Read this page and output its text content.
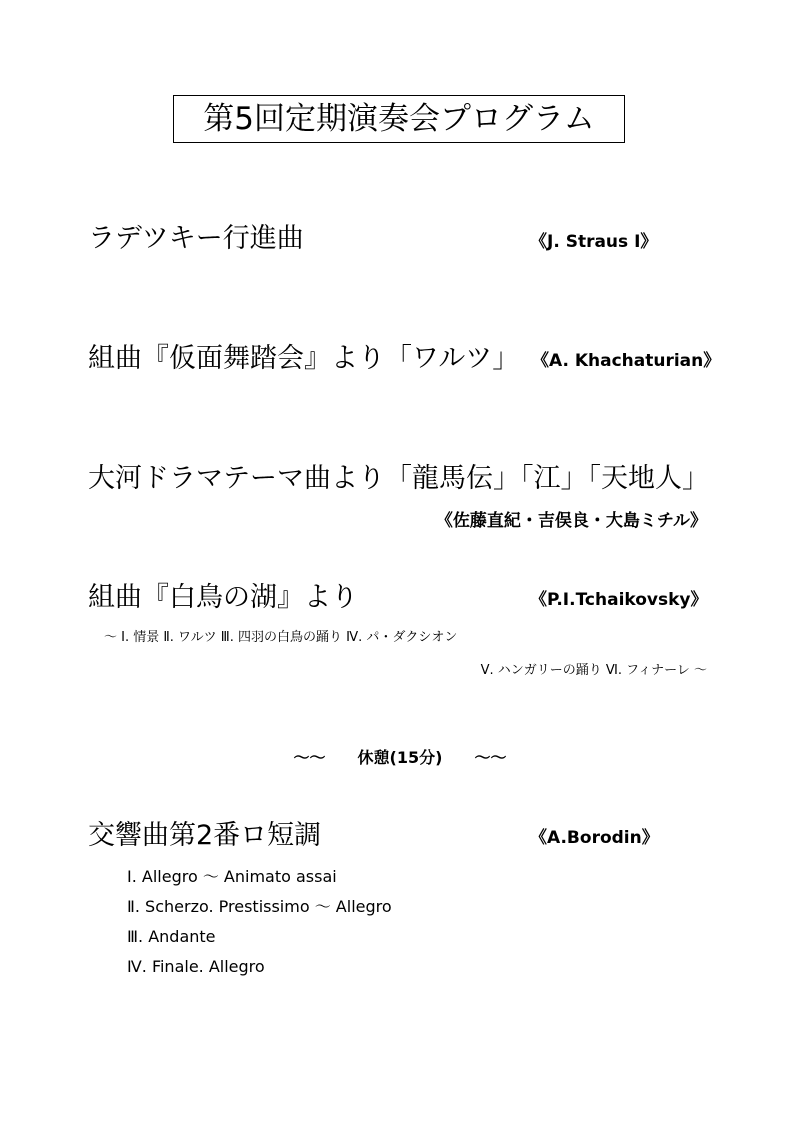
第5回定期演奏会プログラム
ラデツキー行進曲	《J. Straus Ⅰ》
組曲『仮面舞踏会』より「ワルツ」 《A. Khachaturian》
大河ドラマテーマ曲より「龍馬伝」「江」「天地人」
《佐藤直紀・吉俣良・大島ミチル》
組曲『白鳥の湖』より	《P.I.Tchaikovsky》
～ Ⅰ. 情景 Ⅱ. ワルツ Ⅲ. 四羽の白鳥の踊り Ⅳ. パ・ダクシオン
Ⅴ. ハンガリーの踊り Ⅵ. フィナーレ ～
～～　　休憩(15分)　　～～
交響曲第2番ロ短調	《A.Borodin》
Ⅰ. Allegro ～ Animato assai
Ⅱ. Scherzo. Prestissimo ～ Allegro
Ⅲ. Andante
Ⅳ. Finale. Allegro
